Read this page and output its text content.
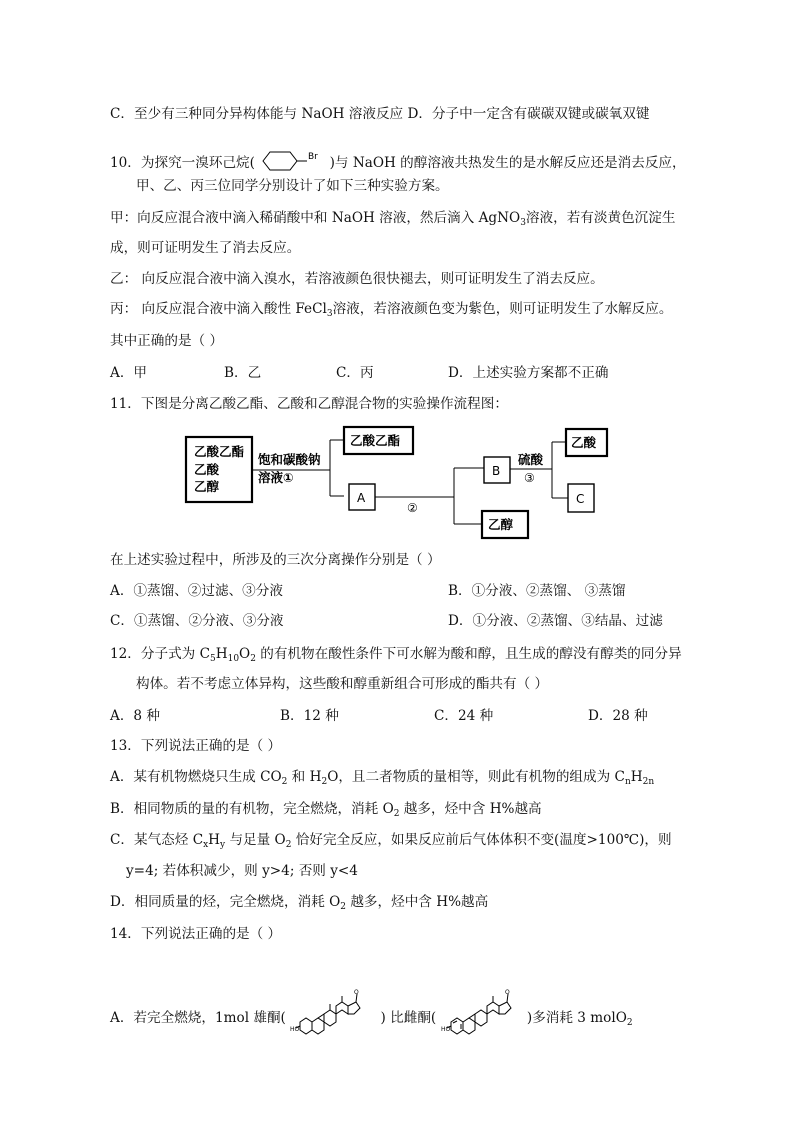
C．至少有三种同分异构体能与 NaOH 溶液反应 D．分子中一定含有碳碳双键或碳氧双键
10．为探究一溴环己烷(	Br )与 NaOH 的醇溶液共热发生的是水解反应还是消去反应，
甲、乙、丙三位同学分别设计了如下三种实验方案。
甲：向反应混合液中滴入稀硝酸中和 NaOH 溶液，然后滴入 AgNO$_3$溶液，若有淡黄色沉淀生
成，则可证明发生了消去反应。
乙： 向反应混合液中滴入溴水，若溶液颜色很快褪去，则可证明发生了消去反应。
丙： 向反应混合液中滴入酸性 FeCl$_3$溶液，若溶液颜色变为紫色，则可证明发生了水解反应。
其中正确的是（ ）
A．甲	B．乙	C．丙	D．上述实验方案都不正确
11．下图是分离乙酸乙酯、乙酸和乙醇混合物的实验操作流程图：
乙酸乙酯
乙酸
乙醇
饱和碳酸钠
溶液①
乙酸乙酯
A
②
B
乙醇
硫酸
③
乙酸
C
在上述实验过程中，所涉及的三次分离操作分别是（ ）
A．①蒸馏、②过滤、③分液	B．①分液、②蒸馏、 ③蒸馏
C．①蒸馏、②分液、③分液	D．①分液、②蒸馏、③结晶、过滤
12．分子式为 $C_5H_{10}O_2$ 的有机物在酸性条件下可水解为酸和醇，且生成的醇没有醇类的同分异
构体。若不考虑立体异构，这些酸和醇重新组合可形成的酯共有（ ）
A．8 种	B．12 种	C．24 种	D．28 种
13．下列说法正确的是（ ）
A．某有机物燃烧只生成 $CO_2$ 和 $H_2O$，且二者物质的量相等，则此有机物的组成为 $C_nH_{2n}$
B．相同物质的量的有机物，完全燃烧，消耗 $O_2$ 越多，烃中含 H%越高
C．某气态烃 $C_xH_y$ 与足量 $O_2$ 恰好完全反应，如果反应前后气体体积不变(温度>100℃)，则
y=4; 若体积减少，则 y>4; 否则 y<4
D．相同质量的烃，完全燃烧，消耗 $O_2$ 越多，烃中含 H%越高
14．下列说法正确的是（ ）
A．若完全燃烧，1mol 雄酮(
HO
O
) 比雌酮(
HO
O
)多消耗 3 molO$_2$
